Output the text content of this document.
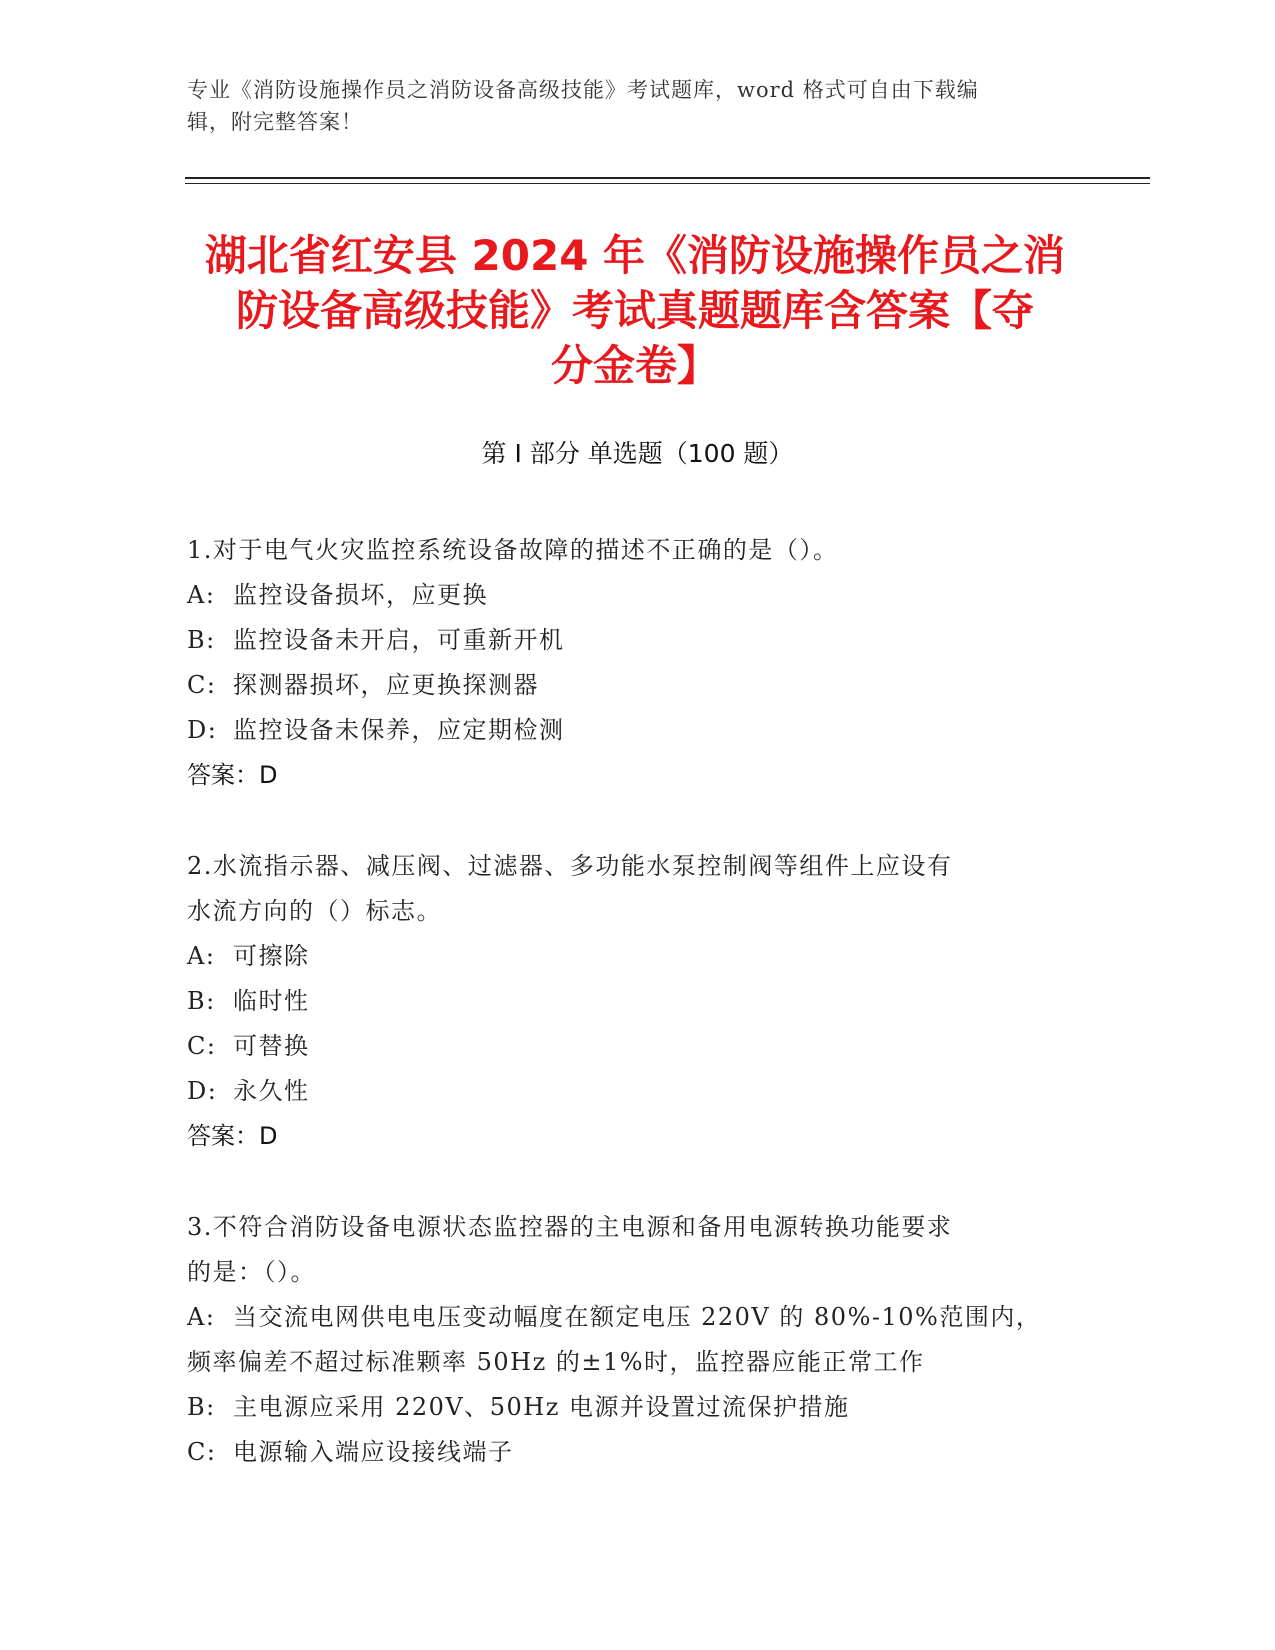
专业《消防设施操作员之消防设备高级技能》考试题库，word 格式可自由下载编
辑，附完整答案！
湖北省红安县 2024 年《消防设施操作员之消
防设备高级技能》考试真题题库含答案【夺
分金卷】
第 I 部分 单选题（100 题）
1.对于电气火灾监控系统设备故障的描述不正确的是（）。
A: 监控设备损坏，应更换
B: 监控设备未开启，可重新开机
C: 探测器损坏，应更换探测器
D: 监控设备未保养，应定期检测
答案：D
2.水流指示器、减压阀、过滤器、多功能水泵控制阀等组件上应设有
水流方向的（）标志。
A: 可擦除
B: 临时性
C: 可替换
D: 永久性
答案：D
3.不符合消防设备电源状态监控器的主电源和备用电源转换功能要求
的是：（）。
A: 当交流电网供电电压变动幅度在额定电压 220V 的 80%-10%范围内，
频率偏差不超过标准颗率 50Hz 的±1%时，监控器应能正常工作
B: 主电源应采用 220V、50Hz 电源并设置过流保护措施
C: 电源输入端应设接线端子
